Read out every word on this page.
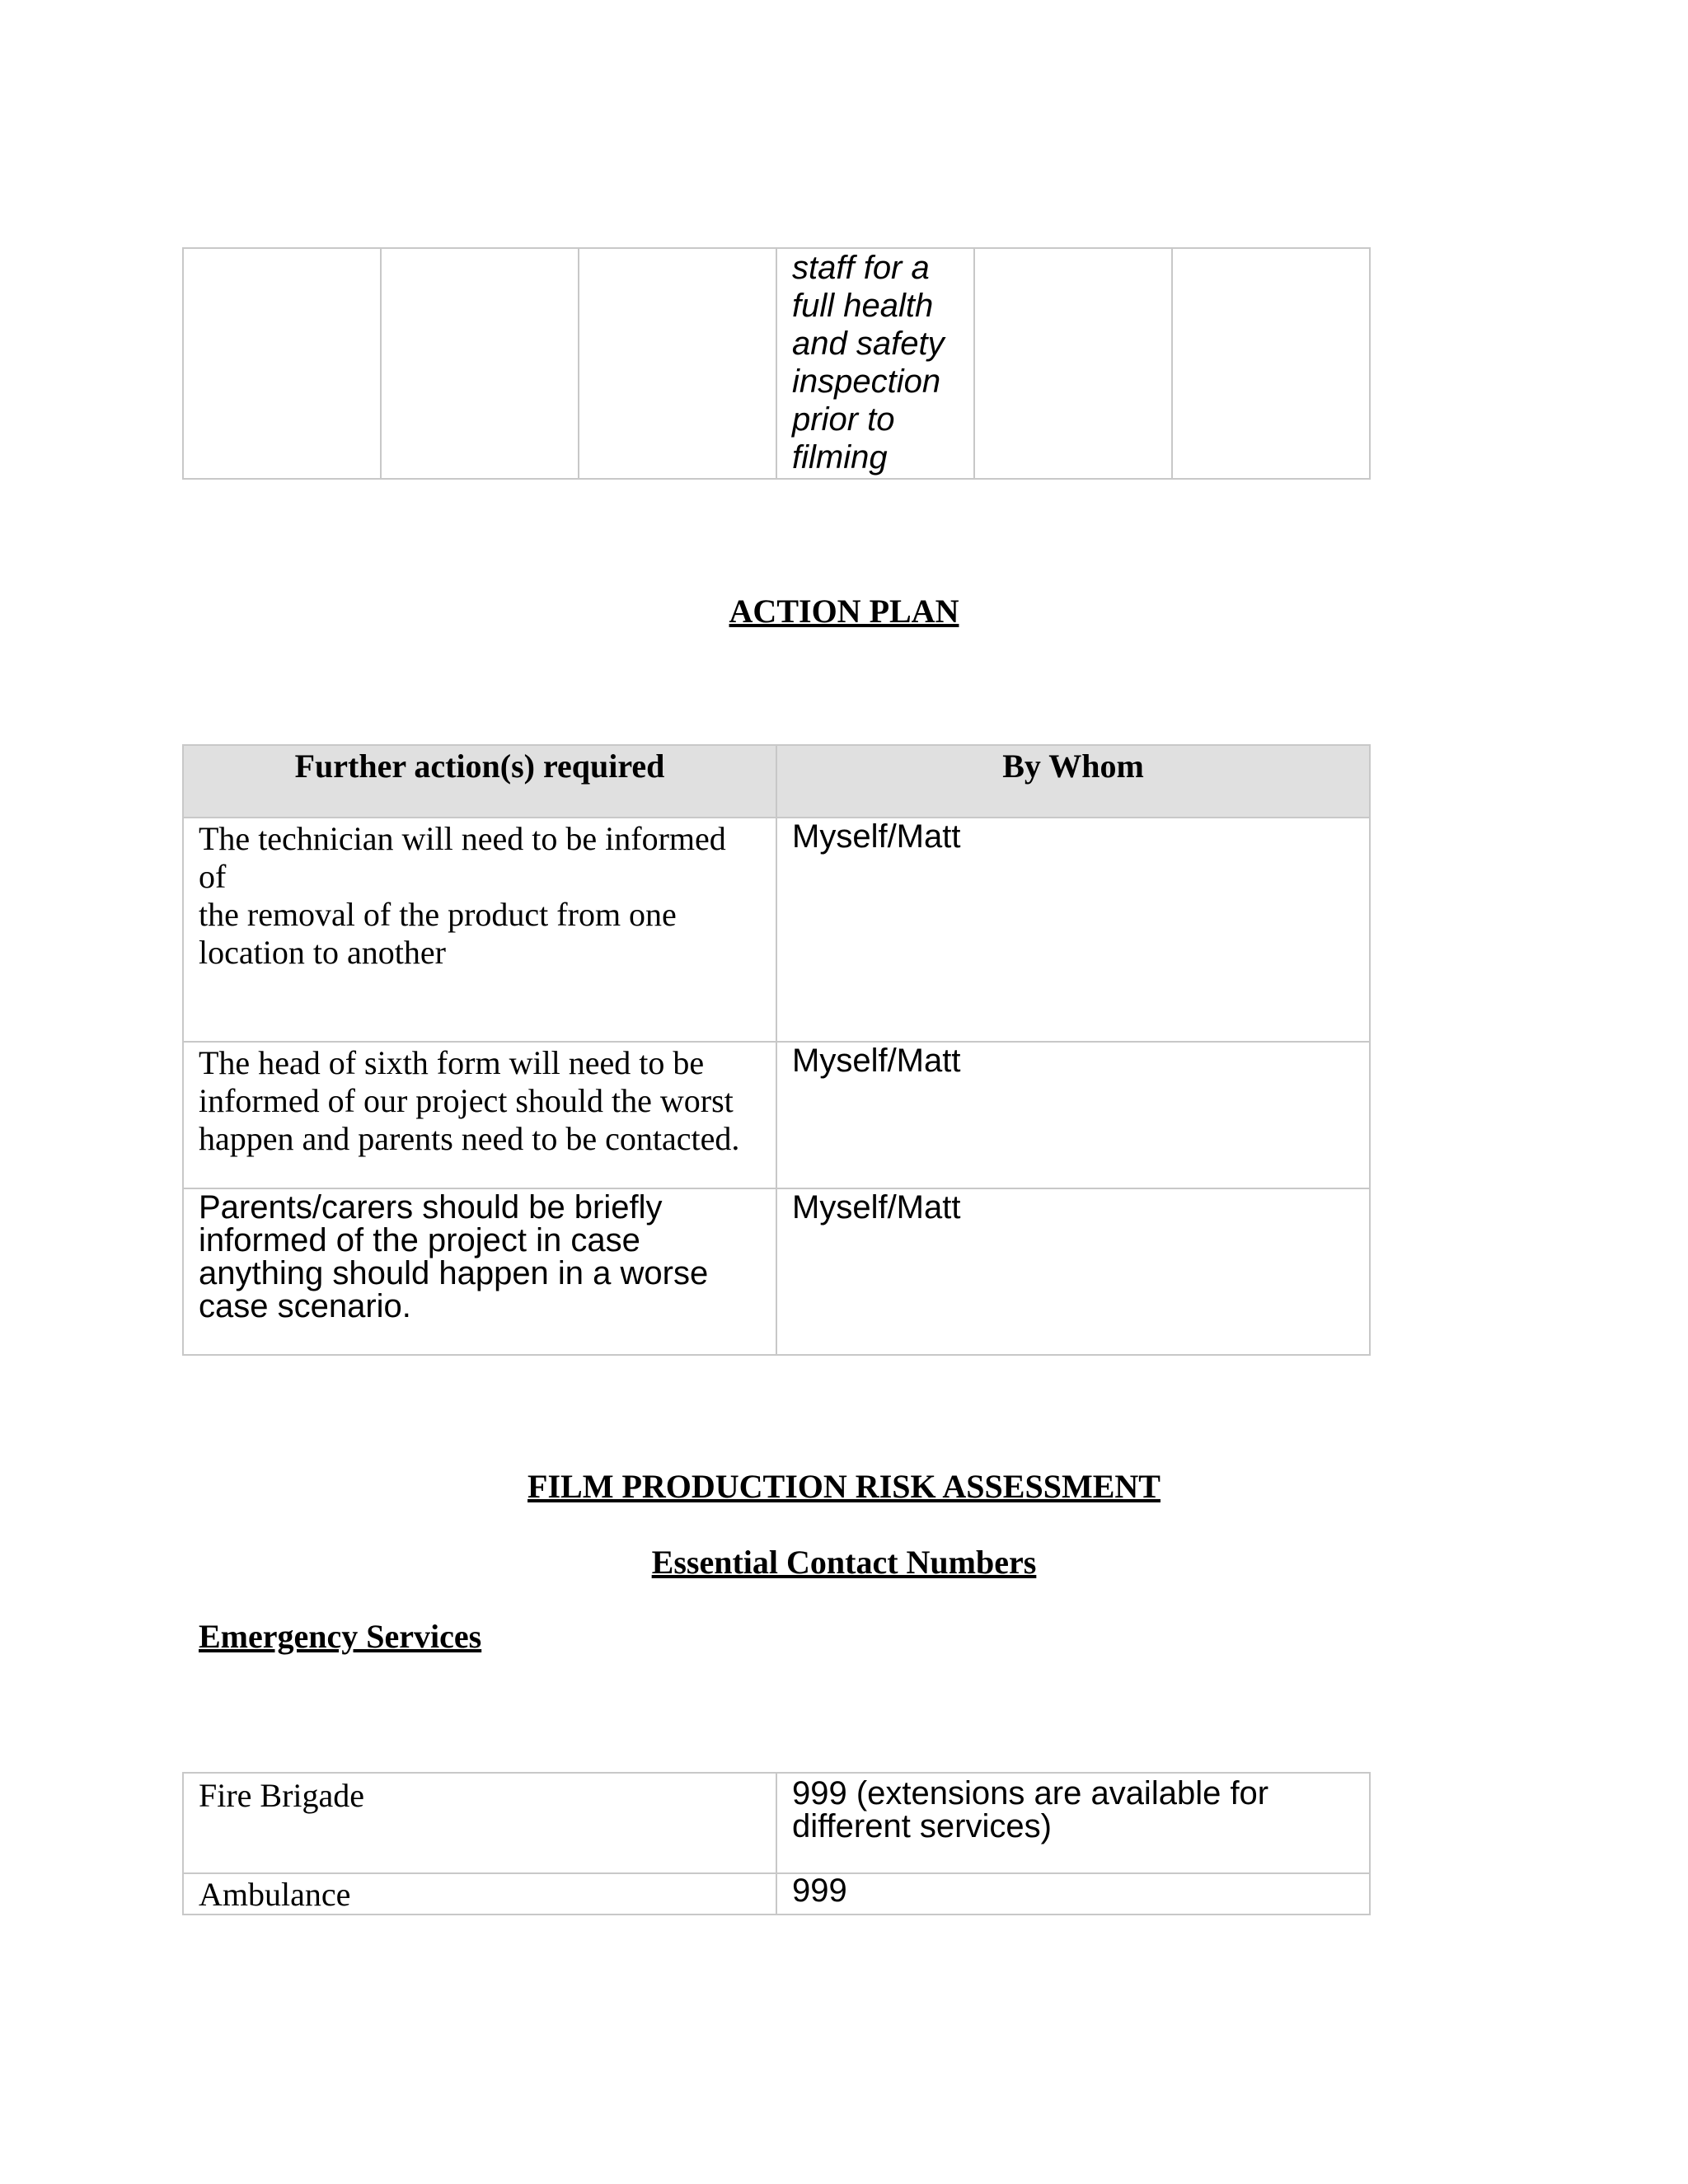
staff for a
full health
and safety
inspection
prior to
filming

ACTION PLAN
Further action(s) required	By Whom

The technician will need to be informed of
the removal of the product from one
location to another	Myself/Matt

The head of sixth form will need to be
informed of our project should the worst
happen and parents need to be contacted.	Myself/Matt

Parents/carers should be briefly
informed of the project in case
anything should happen in a worse
case scenario.	Myself/Matt
FILM PRODUCTION RISK ASSESSMENT
Essential Contact Numbers
Emergency Services
Fire Brigade	999 (extensions are available for
different services)

Ambulance	999
